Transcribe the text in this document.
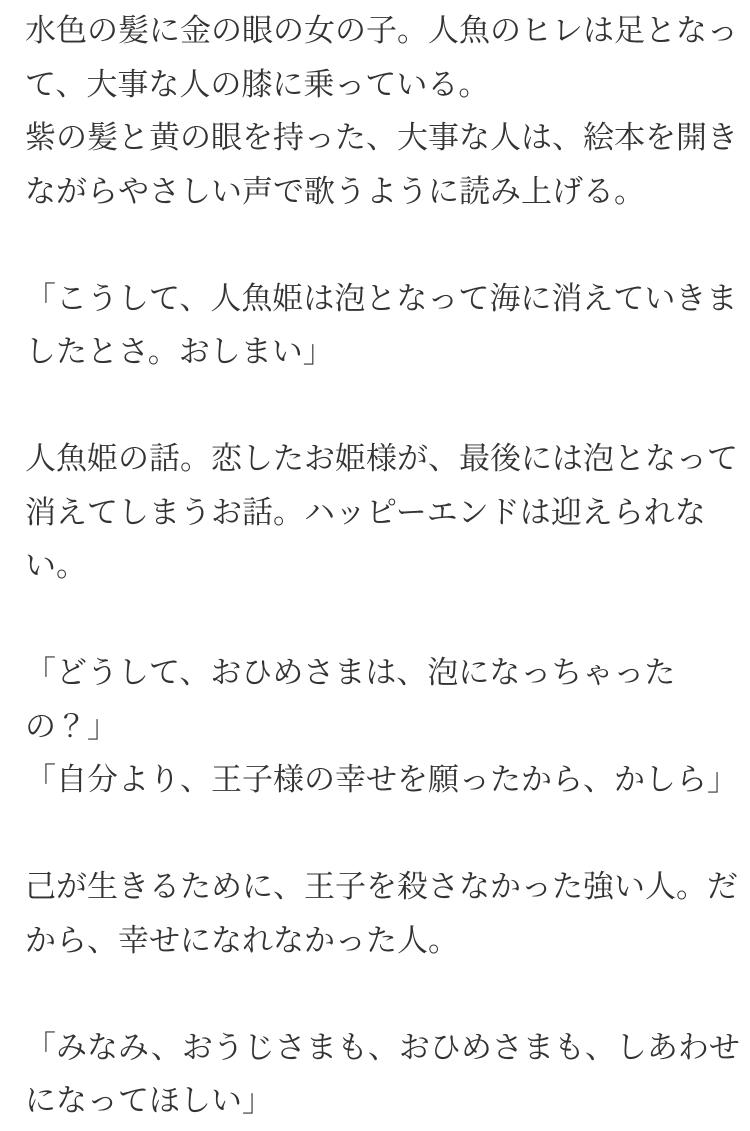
水色の髪に金の眼の女の子。人魚のヒレは足となっ
て、大事な人の膝に乗っている。
紫の髪と黄の眼を持った、大事な人は、絵本を開き
ながらやさしい声で歌うように読み上げる。
「こうして、人魚姫は泡となって海に消えていきま
したとさ。おしまい」
人魚姫の話。恋したお姫様が、最後には泡となって
消えてしまうお話。ハッピーエンドは迎えられな
い。
「どうして、おひめさまは、泡になっちゃった
の？」
「自分より、王子様の幸せを願ったから、かしら」
己が生きるために、王子を殺さなかった強い人。だ
から、幸せになれなかった人。
「みなみ、おうじさまも、おひめさまも、しあわせ
になってほしい」
